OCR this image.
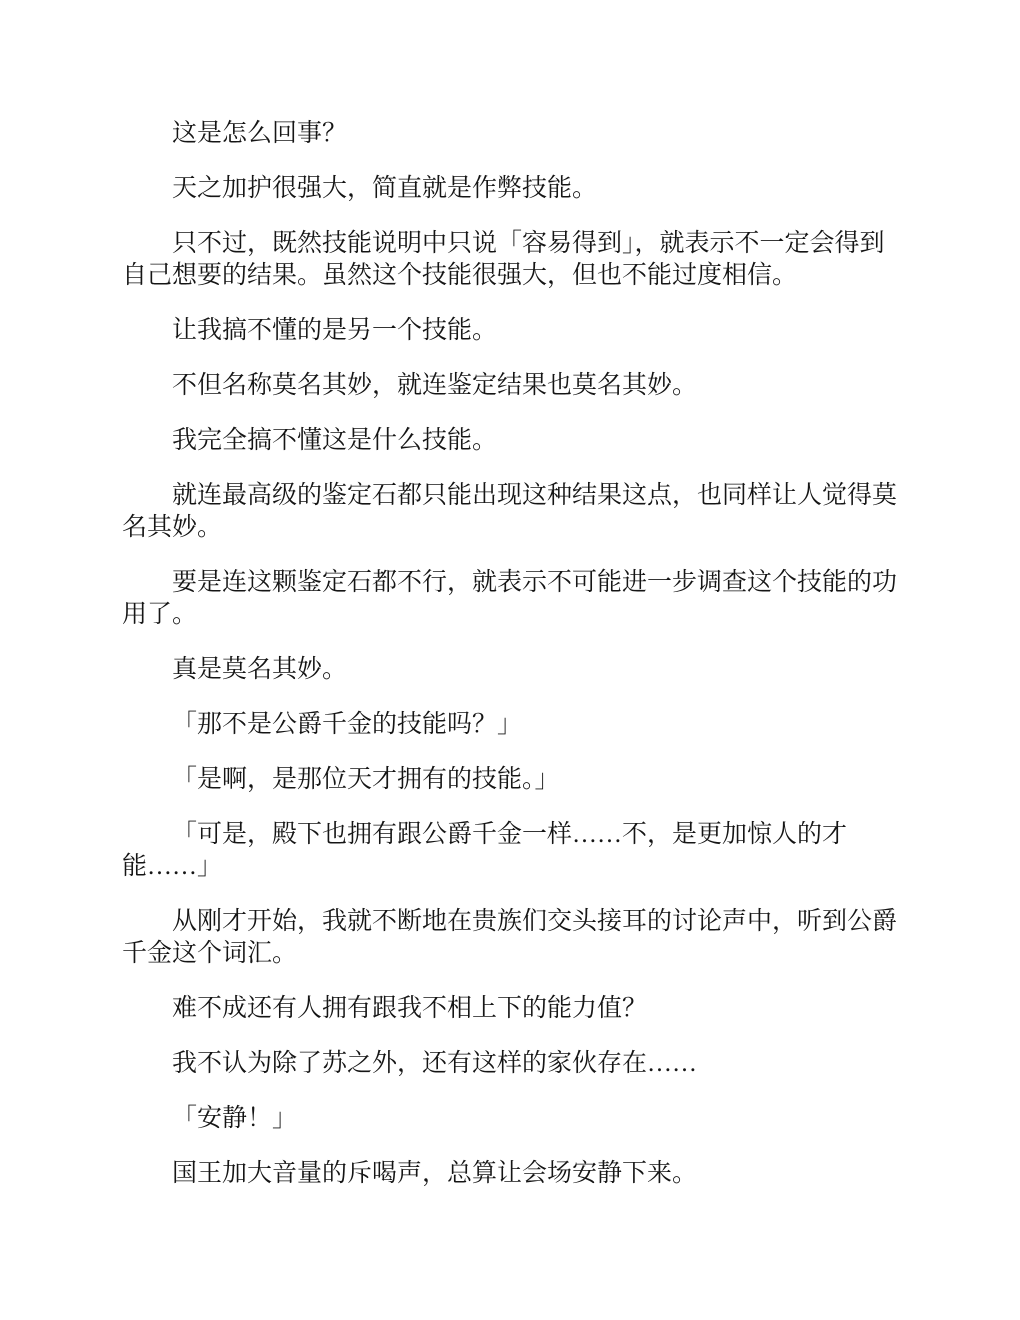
这是怎么回事？

天之加护很强大，简直就是作弊技能。

只不过，既然技能说明中只说「容易得到」，就表示不一定会得到自己想要的结果。虽然这个技能很强大，但也不能过度相信。

让我搞不懂的是另一个技能。

不但名称莫名其妙，就连鉴定结果也莫名其妙。

我完全搞不懂这是什么技能。

就连最高级的鉴定石都只能出现这种结果这点，也同样让人觉得莫名其妙。

要是连这颗鉴定石都不行，就表示不可能进一步调查这个技能的功用了。

真是莫名其妙。

「那不是公爵千金的技能吗？」

「是啊，是那位天才拥有的技能。」

「可是，殿下也拥有跟公爵千金一样……不，是更加惊人的才能……」

从刚才开始，我就不断地在贵族们交头接耳的讨论声中，听到公爵千金这个词汇。

难不成还有人拥有跟我不相上下的能力值？

我不认为除了苏之外，还有这样的家伙存在……

「安静！」

国王加大音量的斥喝声，总算让会场安静下来。
